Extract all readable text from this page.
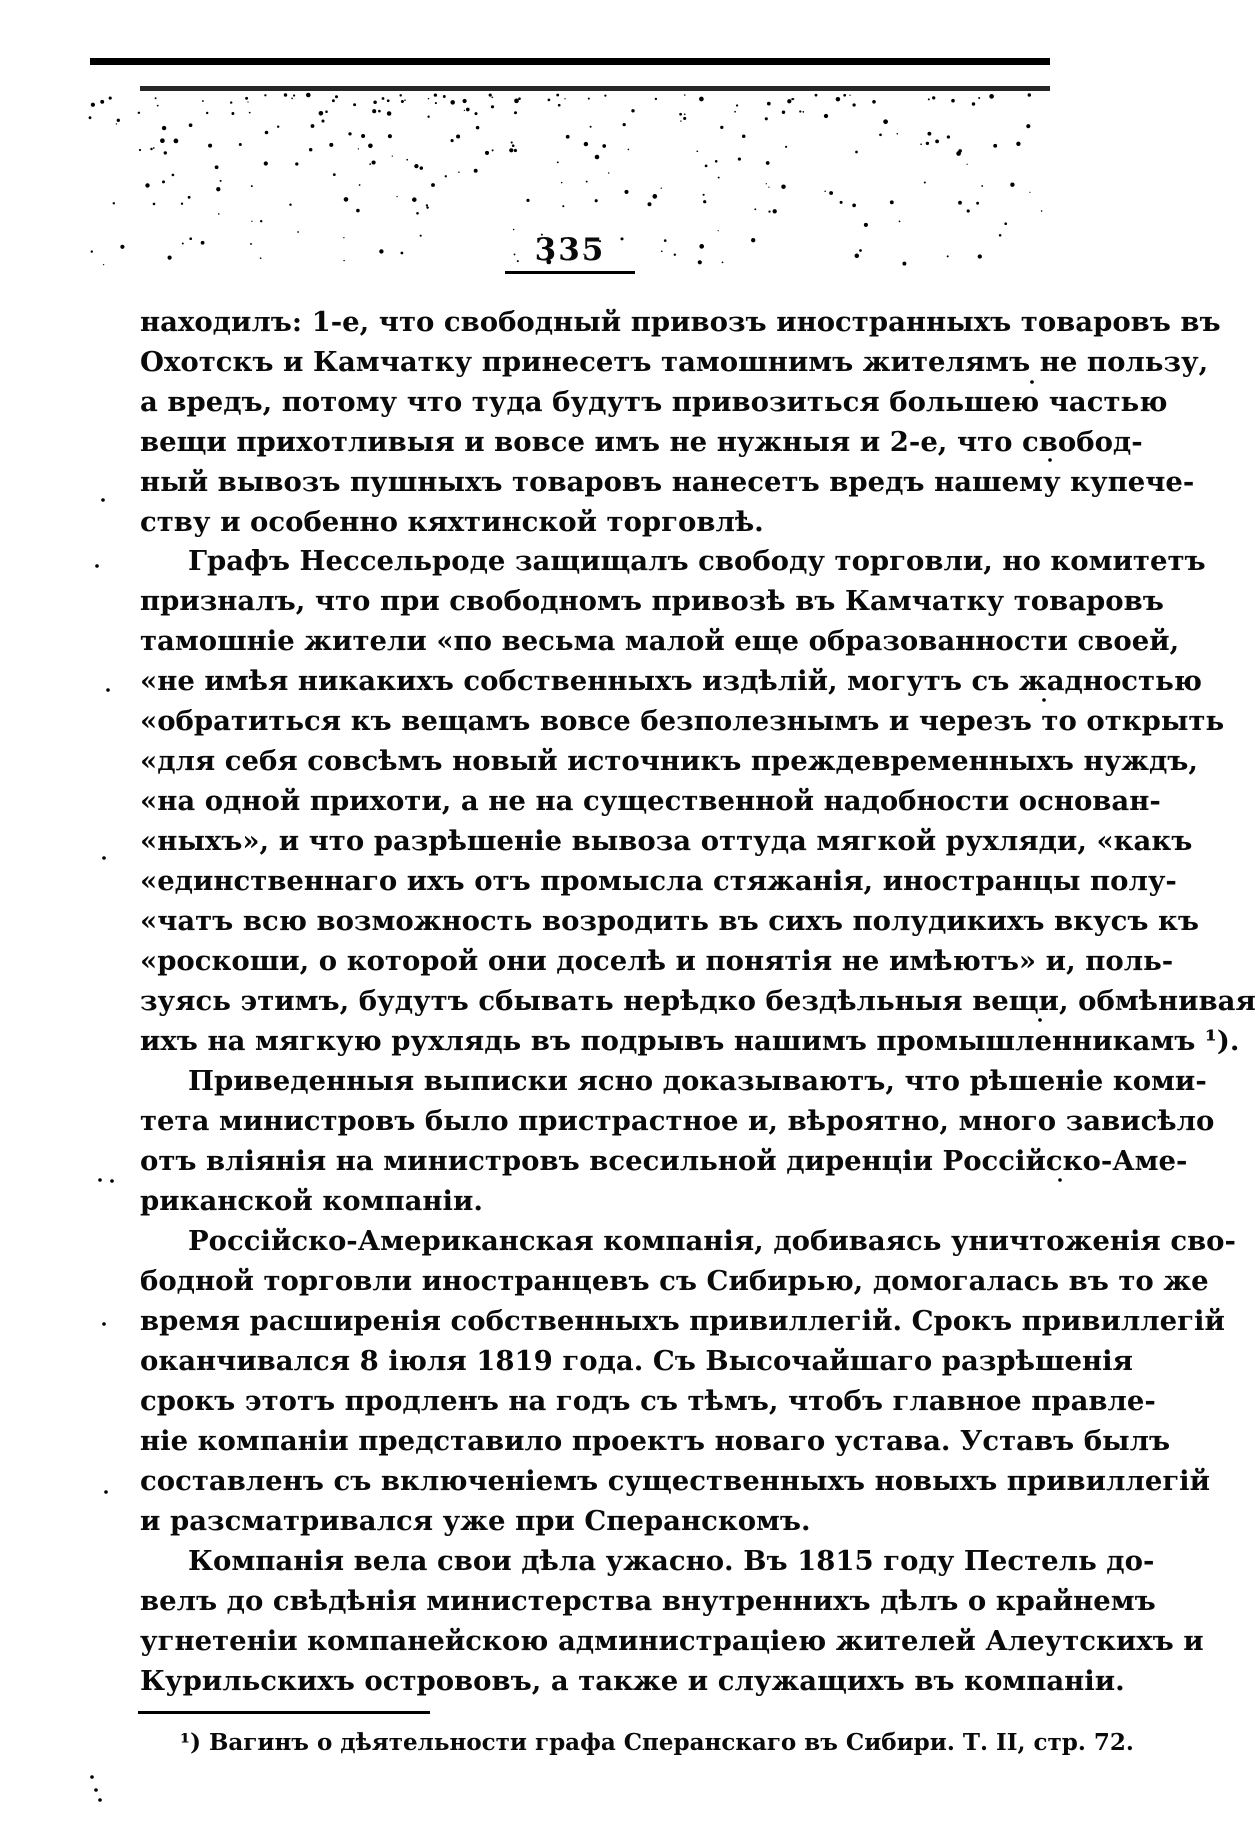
335
находилъ: 1-е, что свободный привозъ иностранныхъ товаровъ въ
Охотскъ и Камчатку принесетъ тамошнимъ жителямъ не пользу,
а вредъ, потому что туда будутъ привозиться большею частью
вещи прихотливыя и вовсе имъ не нужныя и 2-е, что свобод-
ный вывозъ пушныхъ товаровъ нанесетъ вредъ нашему купече-
ству и особенно кяхтинской торговлѣ.
Графъ Нессельроде защищалъ свободу торговли, но комитетъ
призналъ, что при свободномъ привозѣ въ Камчатку товаровъ
тамошніе жители «по весьма малой еще образованности своей,
«не имѣя никакихъ собственныхъ издѣлій, могутъ съ жадностью
«обратиться къ вещамъ вовсе безполезнымъ и черезъ то открыть
«для себя совсѣмъ новый источникъ преждевременныхъ нуждъ,
«на одной прихоти, а не на существенной надобности основан-
«ныхъ», и что разрѣшеніе вывоза оттуда мягкой рухляди, «какъ
«единственнаго ихъ отъ промысла стяжанія, иностранцы полу-
«чатъ всю возможность возродить въ сихъ полудикихъ вкусъ къ
«роскоши, о которой они доселѣ и понятія не имѣютъ» и, поль-
зуясь этимъ, будутъ сбывать нерѣдко бездѣльныя вещи, обмѣнивая
ихъ на мягкую рухлядь въ подрывъ нашимъ промышленникамъ ¹).
Приведенныя выписки ясно доказываютъ, что рѣшеніе коми-
тета министровъ было пристрастное и, вѣроятно, много зависѣло
отъ вліянія на министровъ всесильной диренціи Россійско-Аме-
риканской компаніи.
Россійско-Американская компанія, добиваясь уничтоженія сво-
бодной торговли иностранцевъ съ Сибирью, домогалась въ то же
время расширенія собственныхъ привиллегій. Срокъ привиллегій
оканчивался 8 іюля 1819 года. Съ Высочайшаго разрѣшенія
срокъ этотъ продленъ на годъ съ тѣмъ, чтобъ главное правле-
ніе компаніи представило проектъ новаго устава. Уставъ былъ
составленъ съ включеніемъ существенныхъ новыхъ привиллегій
и разсматривался уже при Сперанскомъ.
Компанія вела свои дѣла ужасно. Въ 1815 году Пестель до-
велъ до свѣдѣнія министерства внутреннихъ дѣлъ о крайнемъ
угнетеніи компанейскою администраціею жителей Алеутскихъ и
Курильскихъ острововъ, а также и служащихъ въ компаніи.
¹) Вагинъ о дѣятельности графа Сперанскаго въ Сибири. Т. II, стр. 72.
